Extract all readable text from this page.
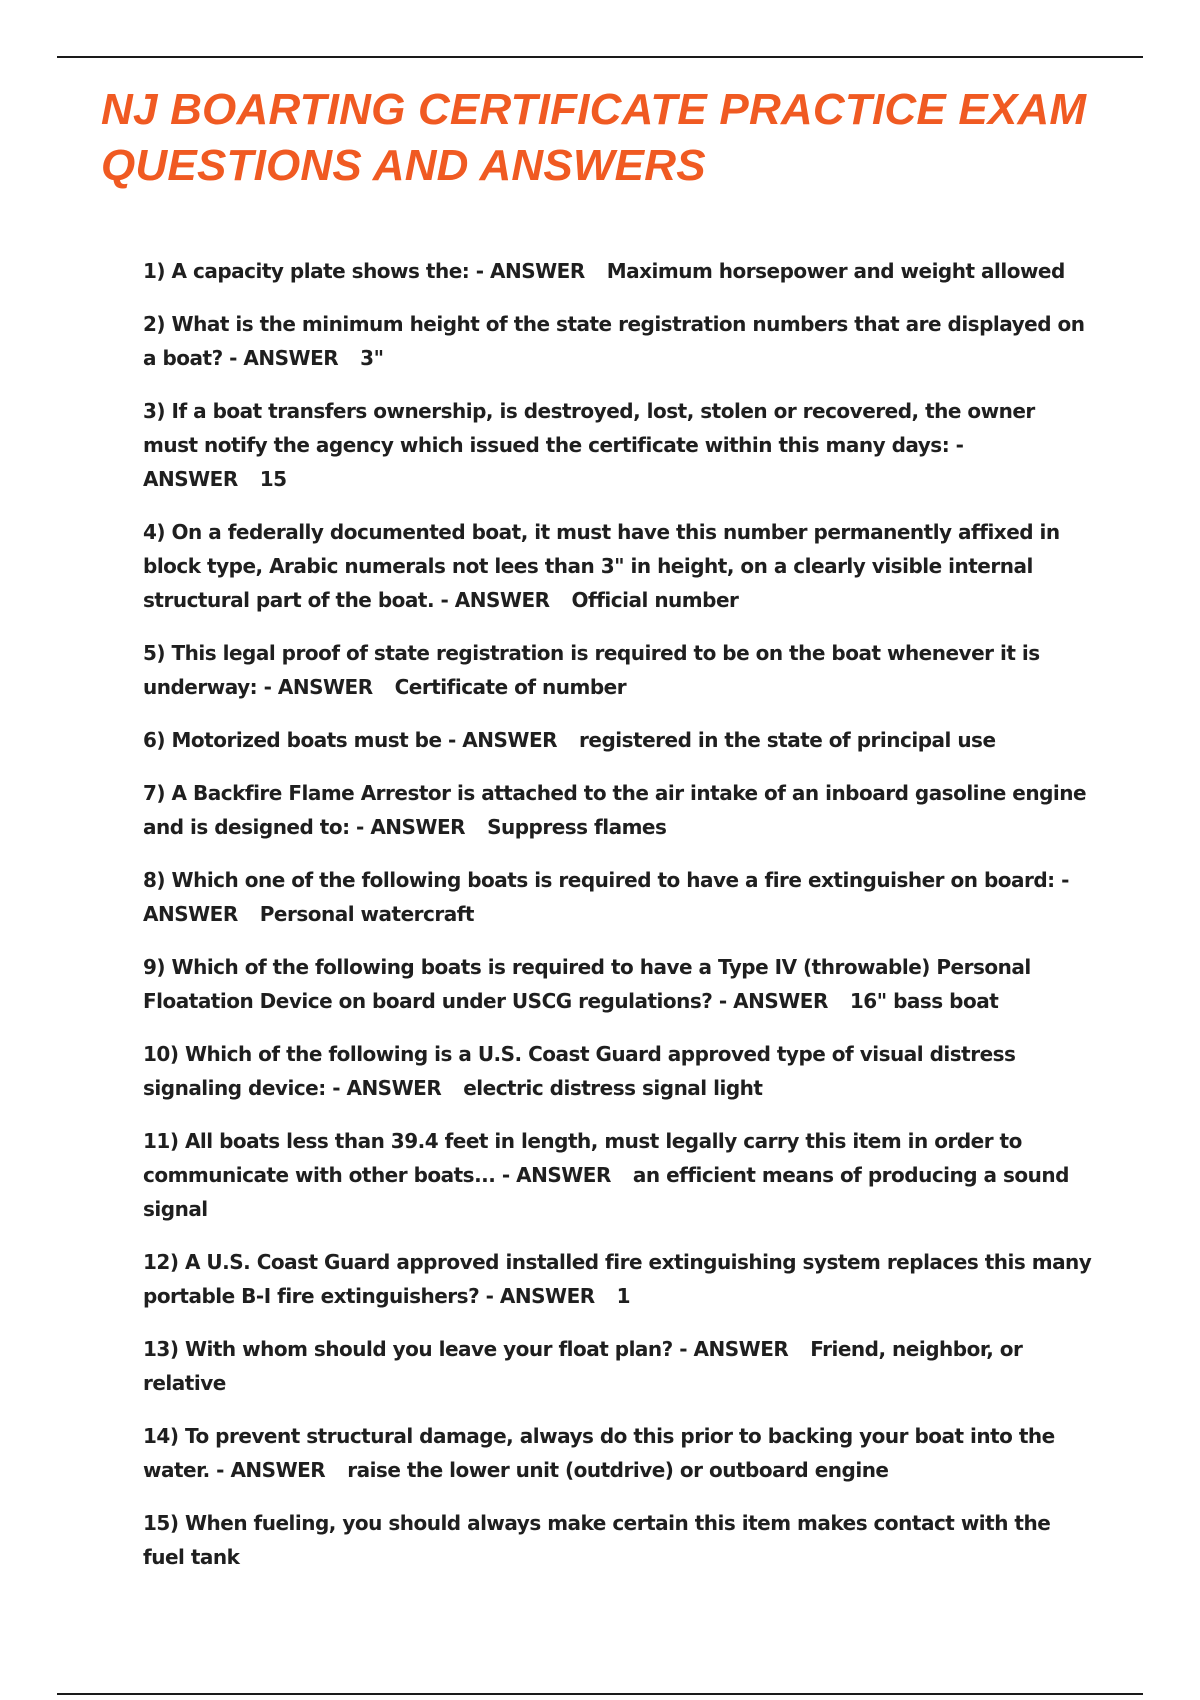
NJ BOARTING CERTIFICATE PRACTICE EXAM
QUESTIONS AND ANSWERS
1) A capacity plate shows the: - ANSWER Maximum horsepower and weight allowed
2) What is the minimum height of the state registration numbers that are displayed on a boat? - ANSWER 3"
3) If a boat transfers ownership, is destroyed, lost, stolen or recovered, the owner must notify the agency which issued the certificate within this many days: - ANSWER 15
4) On a federally documented boat, it must have this number permanently affixed in block type, Arabic numerals not lees than 3" in height, on a clearly visible internal structural part of the boat. - ANSWER Official number
5) This legal proof of state registration is required to be on the boat whenever it is underway: - ANSWER Certificate of number
6) Motorized boats must be - ANSWER registered in the state of principal use
7) A Backfire Flame Arrestor is attached to the air intake of an inboard gasoline engine and is designed to: - ANSWER Suppress flames
8) Which one of the following boats is required to have a fire extinguisher on board: - ANSWER Personal watercraft
9) Which of the following boats is required to have a Type IV (throwable) Personal Floatation Device on board under USCG regulations? - ANSWER 16" bass boat
10) Which of the following is a U.S. Coast Guard approved type of visual distress signaling device: - ANSWER electric distress signal light
11) All boats less than 39.4 feet in length, must legally carry this item in order to communicate with other boats... - ANSWER an efficient means of producing a sound signal
12) A U.S. Coast Guard approved installed fire extinguishing system replaces this many portable B-I fire extinguishers? - ANSWER 1
13) With whom should you leave your float plan? - ANSWER Friend, neighbor, or relative
14) To prevent structural damage, always do this prior to backing your boat into the water. - ANSWER raise the lower unit (outdrive) or outboard engine
15) When fueling, you should always make certain this item makes contact with the fuel tank
